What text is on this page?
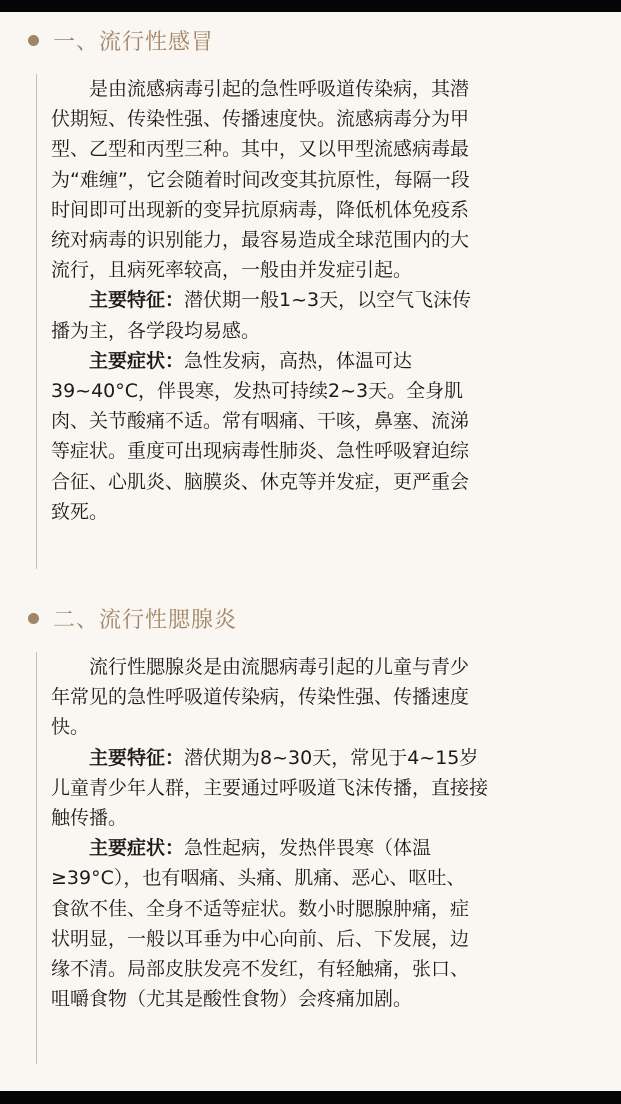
一、流行性感冒

　　是由流感病毒引起的急性呼吸道传染病，其潜
伏期短、传染性强、传播速度快。流感病毒分为甲
型、乙型和丙型三种。其中，又以甲型流感病毒最
为“难缠”，它会随着时间改变其抗原性，每隔一段
时间即可出现新的变异抗原病毒，降低机体免疫系
统对病毒的识别能力，最容易造成全球范围内的大
流行，且病死率较高，一般由并发症引起。

　　主要特征：潜伏期一般1~3天，以空气飞沫传
播为主，各学段均易感。

　　主要症状：急性发病，高热，体温可达
39~40°C，伴畏寒，发热可持续2~3天。全身肌
肉、关节酸痛不适。常有咽痛、干咳，鼻塞、流涕
等症状。重度可出现病毒性肺炎、急性呼吸窘迫综
合征、心肌炎、脑膜炎、休克等并发症，更严重会
致死。

二、流行性腮腺炎

　　流行性腮腺炎是由流腮病毒引起的儿童与青少
年常见的急性呼吸道传染病，传染性强、传播速度
快。

　　主要特征：潜伏期为8~30天，常见于4~15岁
儿童青少年人群，主要通过呼吸道飞沫传播，直接接
触传播。

　　主要症状：急性起病，发热伴畏寒（体温
≥39°C），也有咽痛、头痛、肌痛、恶心、呕吐、
食欲不佳、全身不适等症状。数小时腮腺肿痛，症
状明显，一般以耳垂为中心向前、后、下发展，边
缘不清。局部皮肤发亮不发红，有轻触痛，张口、
咀嚼食物（尤其是酸性食物）会疼痛加剧。
